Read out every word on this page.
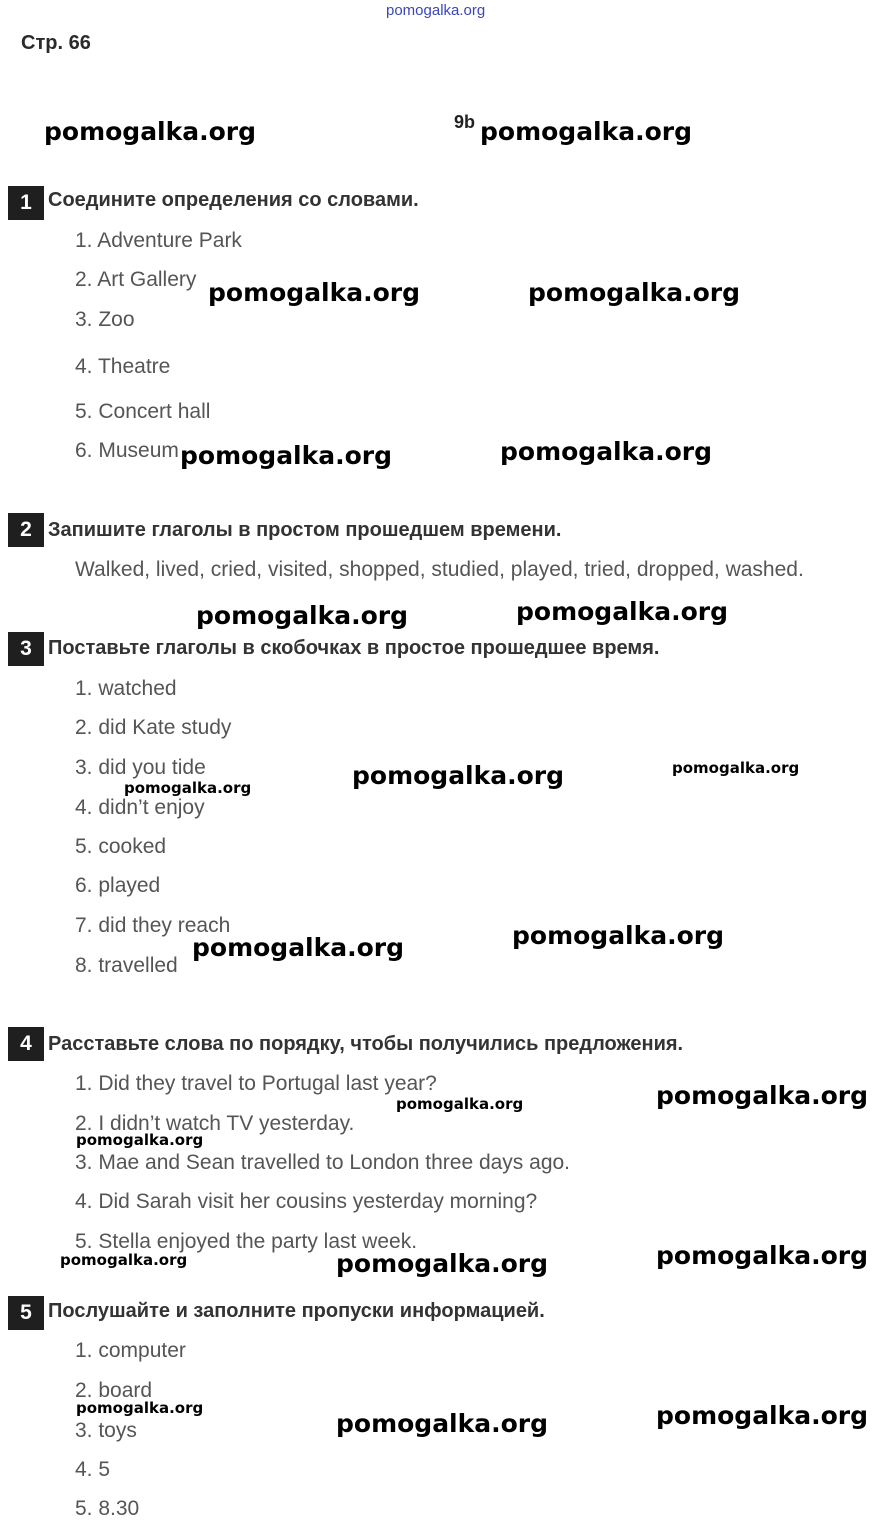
pomogalka.org
Стр. 66
9b
1 Соедините определения со словами.
1. Adventure Park
2. Art Gallery
3. Zoo
4. Theatre
5. Concert hall
6. Museum
2 Запишите глаголы в простом прошедшем времени.
Walked, lived, cried, visited, shopped, studied, played, tried, dropped, washed.
3 Поставьте глаголы в скобочках в простое прошедшее время.
1. watched
2. did Kate study
3. did you tide
4. didn’t enjoy
5. cooked
6. played
7. did they reach
8. travelled
4 Расставьте слова по порядку, чтобы получились предложения.
1. Did they travel to Portugal last year?
2. I didn’t watch TV yesterday.
3. Mae and Sean travelled to London three days ago.
4. Did Sarah visit her cousins yesterday morning?
5. Stella enjoyed the party last week.
5 Послушайте и заполните пропуски информацией.
1. computer
2. board
3. toys
4. 5
5. 8.30
pomogalka.org	pomogalka.org
pomogalka.org	pomogalka.org
pomogalka.org	pomogalka.org
pomogalka.org	pomogalka.org
pomogalka.org
pomogalka.org	pomogalka.org
pomogalka.org
pomogalka.org	pomogalka.org
pomogalka.org	pomogalka.org
pomogalka.org
pomogalka.org
pomogalka.org
pomogalka.org
pomogalka.org
pomogalka.org
